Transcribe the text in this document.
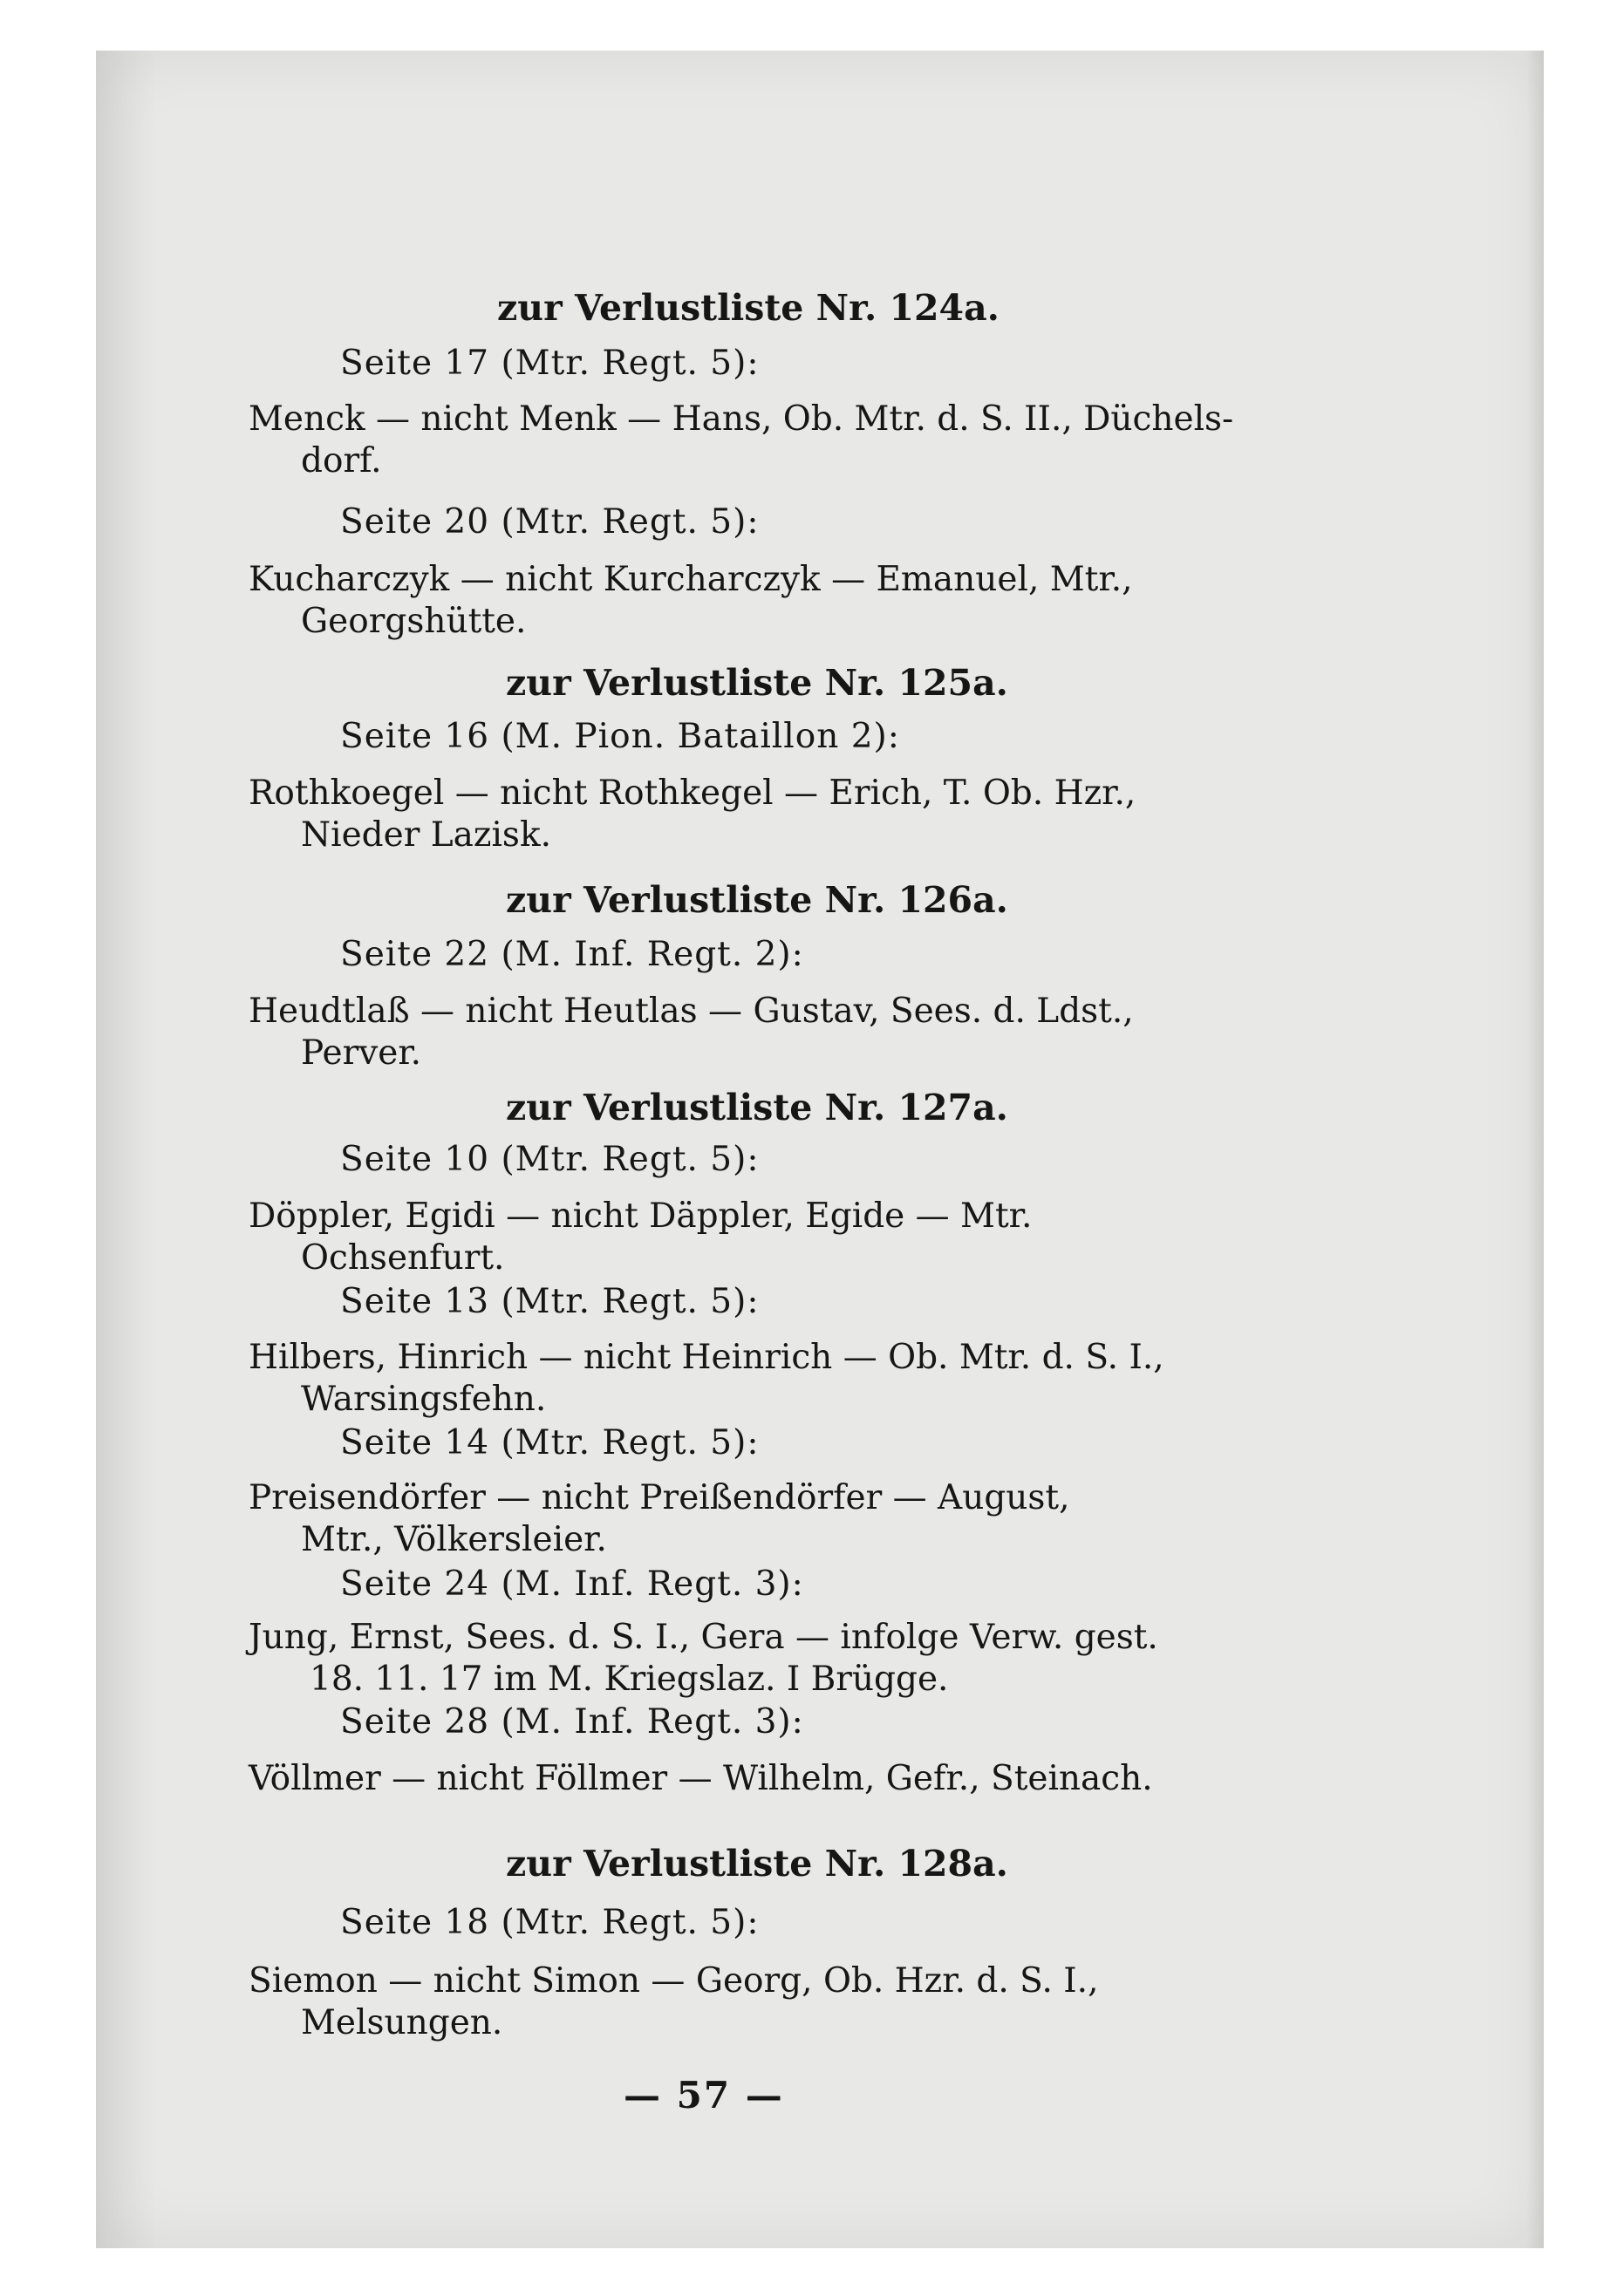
zur Verlustliste Nr. 124a.
Seite 17 (Mtr. Regt. 5):
Menck — nicht Menk — Hans, Ob. Mtr. d. S. II., Düchels-
dorf.
Seite 20 (Mtr. Regt. 5):
Kucharczyk — nicht Kurcharczyk — Emanuel, Mtr.,
Georgshütte.
zur Verlustliste Nr. 125a.
Seite 16 (M. Pion. Bataillon 2):
Rothkoegel — nicht Rothkegel — Erich, T. Ob. Hzr.,
Nieder Lazisk.
zur Verlustliste Nr. 126a.
Seite 22 (M. Inf. Regt. 2):
Heudtlaß — nicht Heutlas — Gustav, Sees. d. Ldst.,
Perver.
zur Verlustliste Nr. 127a.
Seite 10 (Mtr. Regt. 5):
Döppler, Egidi — nicht Däppler, Egide — Mtr.
Ochsenfurt.
Seite 13 (Mtr. Regt. 5):
Hilbers, Hinrich — nicht Heinrich — Ob. Mtr. d. S. I.,
Warsingsfehn.
Seite 14 (Mtr. Regt. 5):
Preisendörfer — nicht Preißendörfer — August,
Mtr., Völkersleier.
Seite 24 (M. Inf. Regt. 3):
Jung, Ernst, Sees. d. S. I., Gera — infolge Verw. gest.
18. 11. 17 im M. Kriegslaz. I Brügge.
Seite 28 (M. Inf. Regt. 3):
Völlmer — nicht Föllmer — Wilhelm, Gefr., Steinach.
zur Verlustliste Nr. 128a.
Seite 18 (Mtr. Regt. 5):
Siemon — nicht Simon — Georg, Ob. Hzr. d. S. I.,
Melsungen.
— 57 —
